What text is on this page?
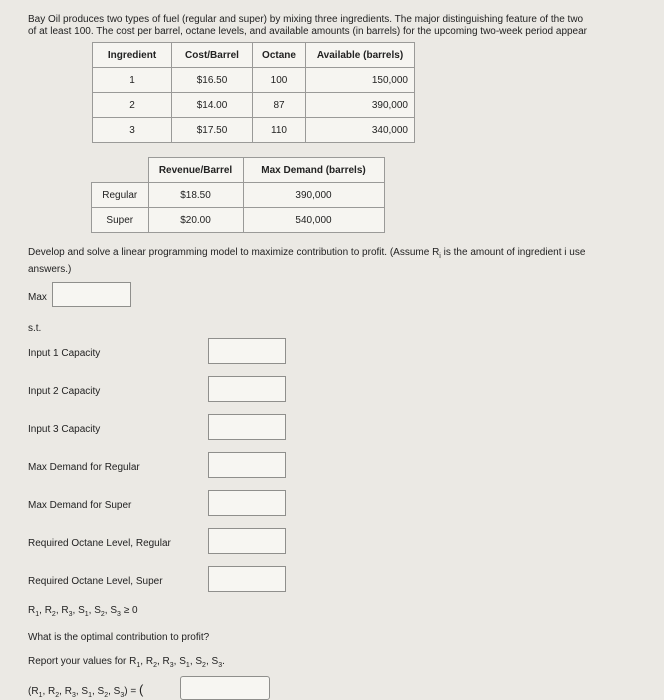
Bay Oil produces two types of fuel (regular and super) by mixing three ingredients. The major distinguishing feature of the two
of at least 100. The cost per barrel, octane levels, and available amounts (in barrels) for the upcoming two-week period appear
Ingredient	Cost/Barrel	Octane	Available (barrels)
1	$16.50	100	150,000
2	$14.00	87	390,000
3	$17.50	110	340,000
	Revenue/Barrel	Max Demand (barrels)
Regular	$18.50	390,000
Super	$20.00	540,000
Develop and solve a linear programming model to maximize contribution to profit. (Assume $R_i$ is the amount of ingredient i use
answers.)
Max
s.t.
Input 1 Capacity
Input 2 Capacity
Input 3 Capacity
Max Demand for Regular
Max Demand for Super
Required Octane Level, Regular
Required Octane Level, Super
$R_1$, $R_2$, $R_3$, $S_1$, $S_2$, $S_3 \ge 0$
What is the optimal contribution to profit?
Report your values for $R_1$, $R_2$, $R_3$, $S_1$, $S_2$, $S_3$.
($R_1$, $R_2$, $R_3$, $S_1$, $S_2$, $S_3$) = (
